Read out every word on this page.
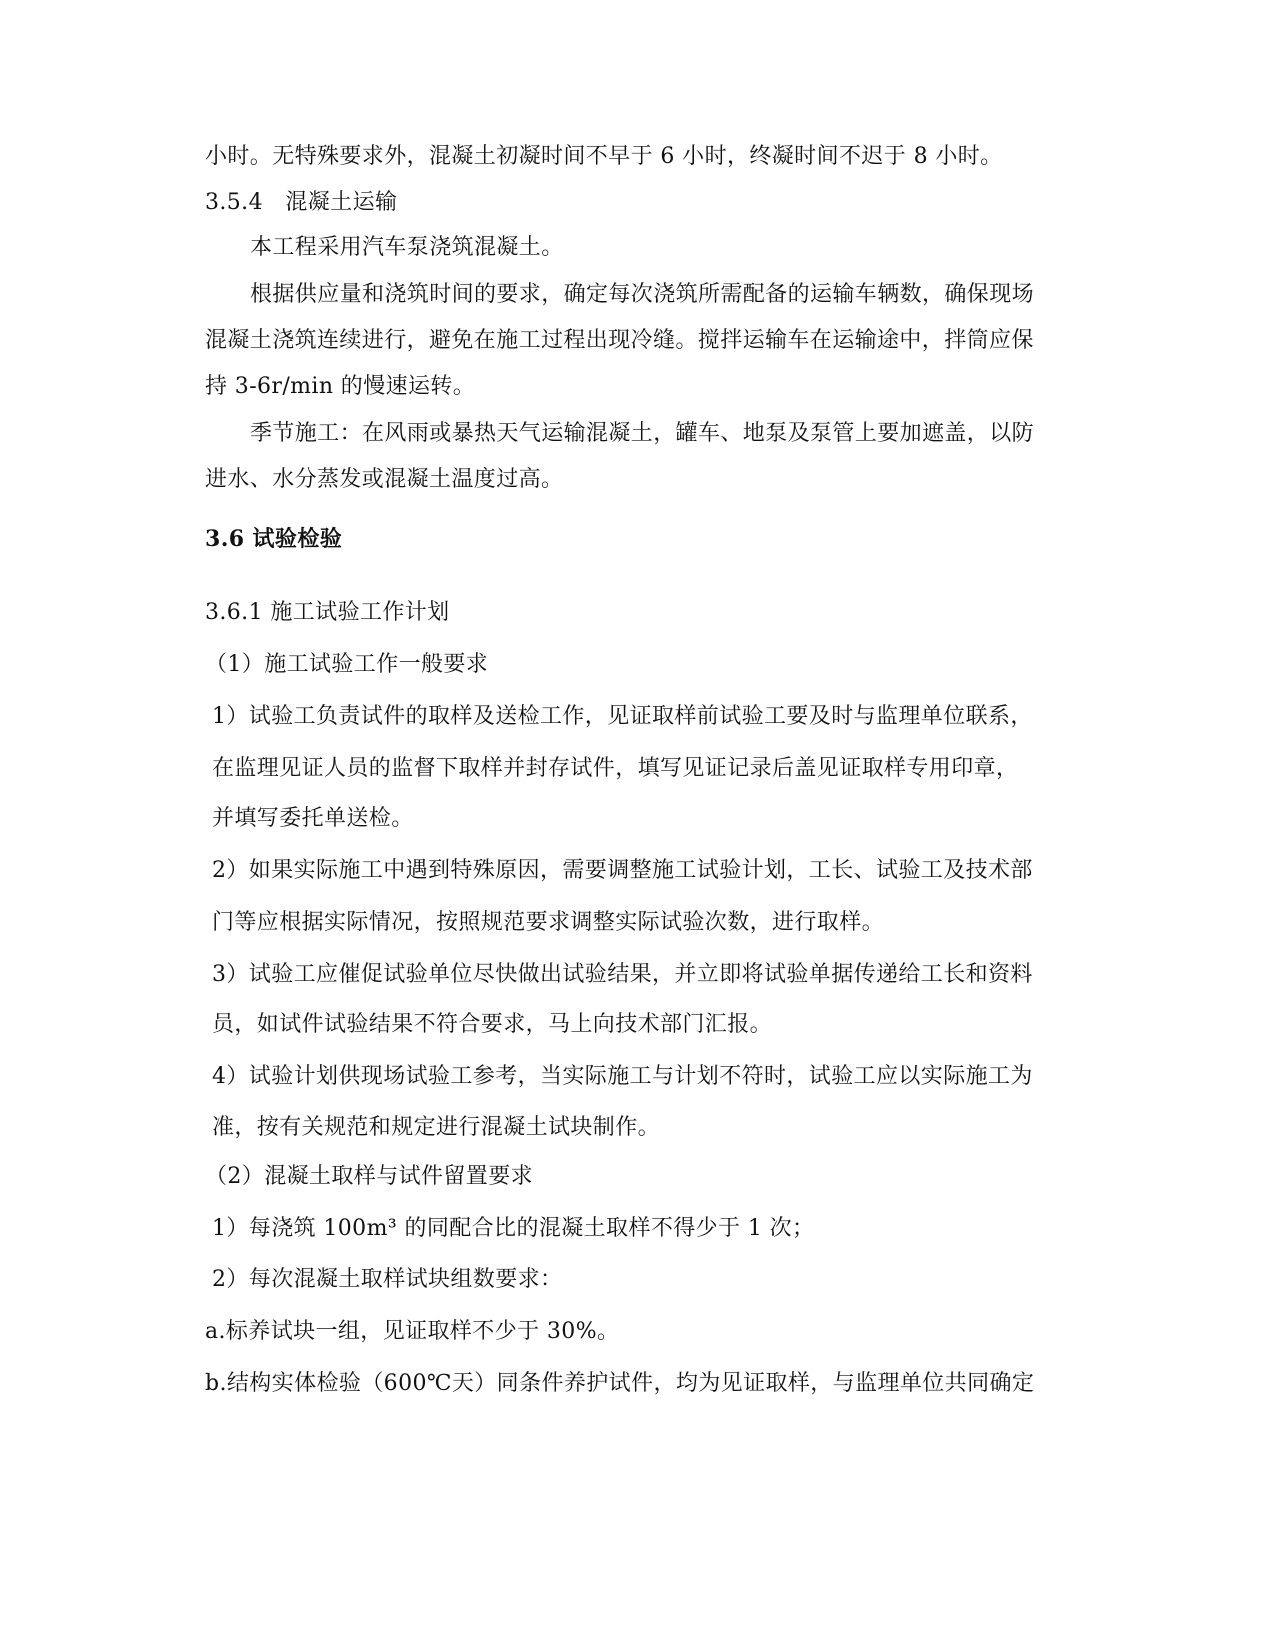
小时。无特殊要求外，混凝土初凝时间不早于 6 小时，终凝时间不迟于 8 小时。

3.5.4　混凝土运输

本工程采用汽车泵浇筑混凝土。

根据供应量和浇筑时间的要求，确定每次浇筑所需配备的运输车辆数，确保现场

混凝土浇筑连续进行，避免在施工过程出现冷缝。搅拌运输车在运输途中，拌筒应保

持 3-6r/min 的慢速运转。

季节施工：在风雨或暴热天气运输混凝土，罐车、地泵及泵管上要加遮盖，以防

进水、水分蒸发或混凝土温度过高。

3.6 试验检验

3.6.1 施工试验工作计划

（1）施工试验工作一般要求

1）试验工负责试件的取样及送检工作，见证取样前试验工要及时与监理单位联系，

在监理见证人员的监督下取样并封存试件，填写见证记录后盖见证取样专用印章，

并填写委托单送检。

2）如果实际施工中遇到特殊原因，需要调整施工试验计划，工长、试验工及技术部

门等应根据实际情况，按照规范要求调整实际试验次数，进行取样。

3）试验工应催促试验单位尽快做出试验结果，并立即将试验单据传递给工长和资料

员，如试件试验结果不符合要求，马上向技术部门汇报。

4）试验计划供现场试验工参考，当实际施工与计划不符时，试验工应以实际施工为

准，按有关规范和规定进行混凝土试块制作。

（2）混凝土取样与试件留置要求

1）每浇筑 100m³ 的同配合比的混凝土取样不得少于 1 次；

2）每次混凝土取样试块组数要求：

a.标养试块一组，见证取样不少于 30%。

b.结构实体检验（600℃天）同条件养护试件，均为见证取样，与监理单位共同确定
